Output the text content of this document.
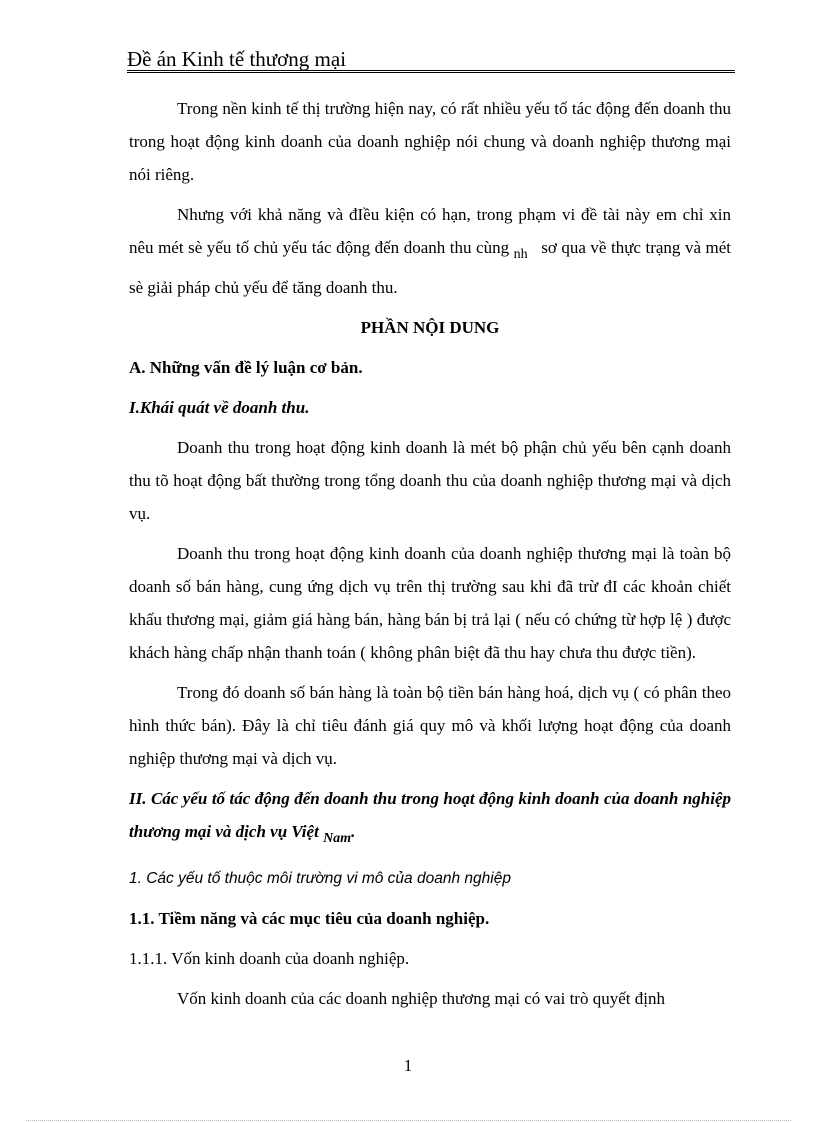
Đề án Kinh tế thương mại

Trong nền kinh tế thị trường hiện nay, có rất nhiều yếu tố tác động đến doanh thu trong hoạt động kinh doanh của doanh nghiệp nói chung và doanh nghiệp thương mại nói riêng.

Nhưng với khả năng và đIều kiện có hạn, trong phạm vi đề tài này em chỉ xin nêu mét sè yếu tố chủ yếu tác động đến doanh thu cùng $_{nh}$ sơ qua về thực trạng và mét sè giải pháp chủ yếu để tăng doanh thu.

PHẦN NỘI DUNG

A. Những vấn đề lý luận cơ bản.

I.Khái quát về doanh thu.

Doanh thu trong hoạt động kinh doanh là mét bộ phận chủ yếu bên cạnh doanh thu tõ hoạt động bất thường trong tổng doanh thu của doanh nghiệp thương mại và dịch vụ.

Doanh thu trong hoạt động kinh doanh của doanh nghiệp thương mại là toàn bộ doanh số bán hàng, cung ứng dịch vụ trên thị trường sau khi đã trừ đI các khoản chiết khấu thương mại, giảm giá hàng bán, hàng bán bị trả lại ( nếu có chứng từ hợp lệ ) được khách hàng chấp nhận thanh toán ( không phân biệt đã thu hay chưa thu được tiền).

Trong đó doanh số bán hàng là toàn bộ tiền bán hàng hoá, dịch vụ ( có phân theo hình thức bán). Đây là chỉ tiêu đánh giá quy mô và khối lượng hoạt động của doanh nghiệp thương mại và dịch vụ.

II. Các yếu tố tác động đến doanh thu trong hoạt động kinh doanh của doanh nghiệp thương mại và dịch vụ Việt $_{Nam}$.

1. Các yếu tố thuộc môi trường vi mô của doanh nghiệp

1.1. Tiềm năng và các mục tiêu của doanh nghiệp.

1.1.1. Vốn kinh doanh của doanh nghiệp.

Vốn kinh doanh của các doanh nghiệp thương mại có vai trò quyết định

1
